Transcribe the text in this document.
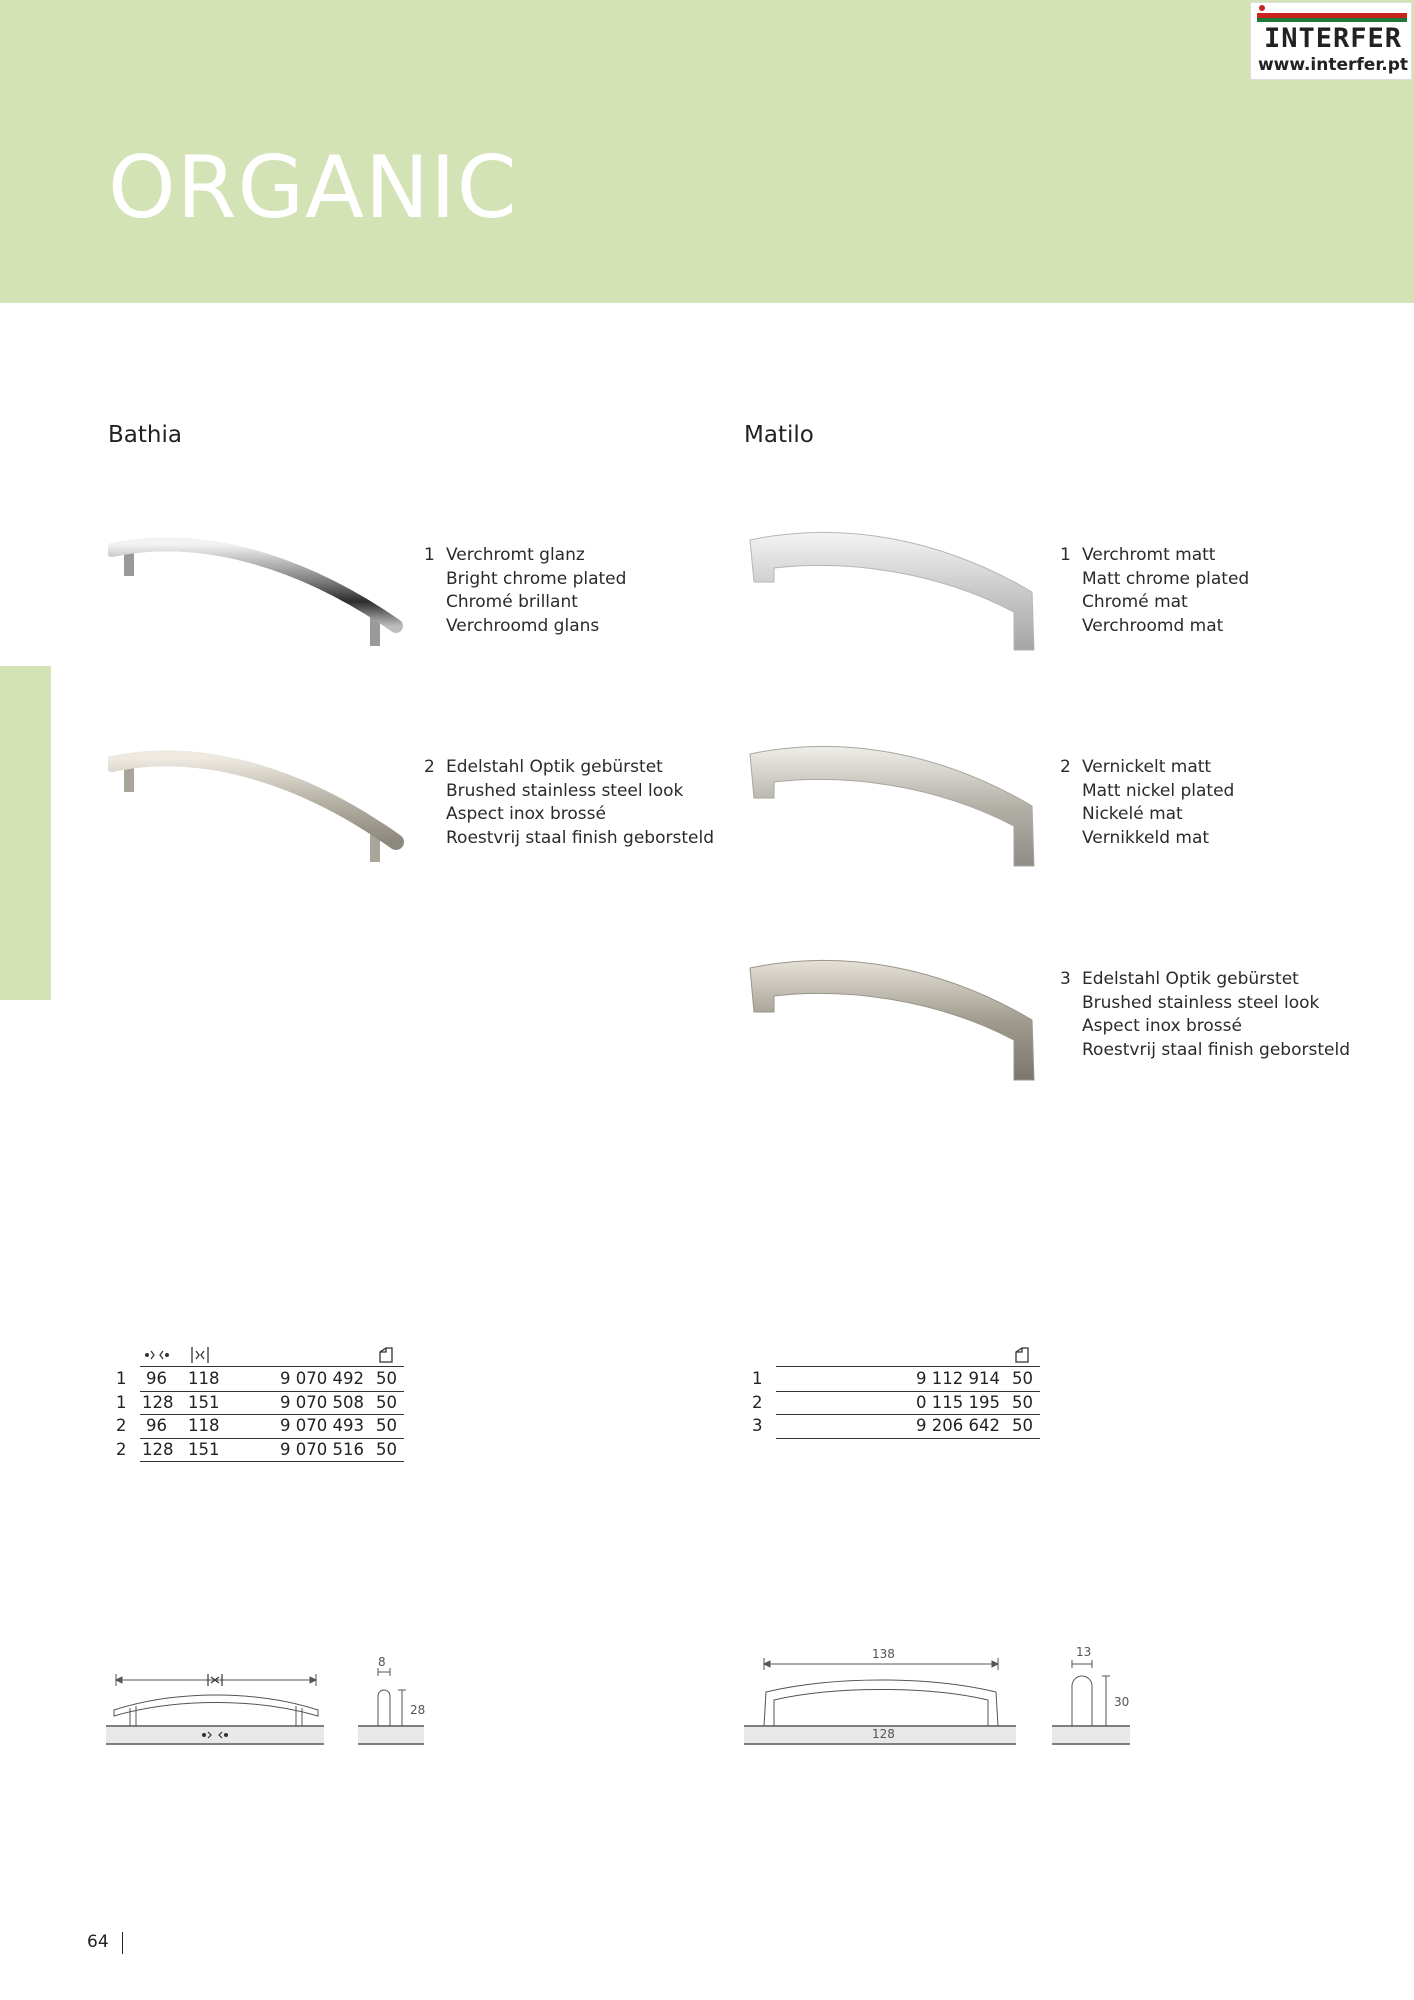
ORGANIC
INTERFER
www.interfer.pt
Bathia
1 Verchromt glanz
Bright chrome plated
Chromé brillant
Verchroomd glans
2 Edelstahl Optik gebürstet
Brushed stainless steel look
Aspect inox brossé
Roestvrij staal finish geborsteld
Matilo
1 Verchromt matt
Matt chrome plated
Chromé mat
Verchroomd mat
2 Vernickelt matt
Matt nickel plated
Nickelé mat
Vernikkeld mat
3 Edelstahl Optik gebürstet
Brushed stainless steel look
Aspect inox brossé
Roestvrij staal finish geborsteld
1 96 118	9 070 492 50
1 128 151	9 070 508 50
2 96 118	9 070 493 50
2 128 151	9 070 516 50
1	9 112 914 50
2	0 115 195 50
3	9 206 642 50
8
28
138
128
13
30
64
